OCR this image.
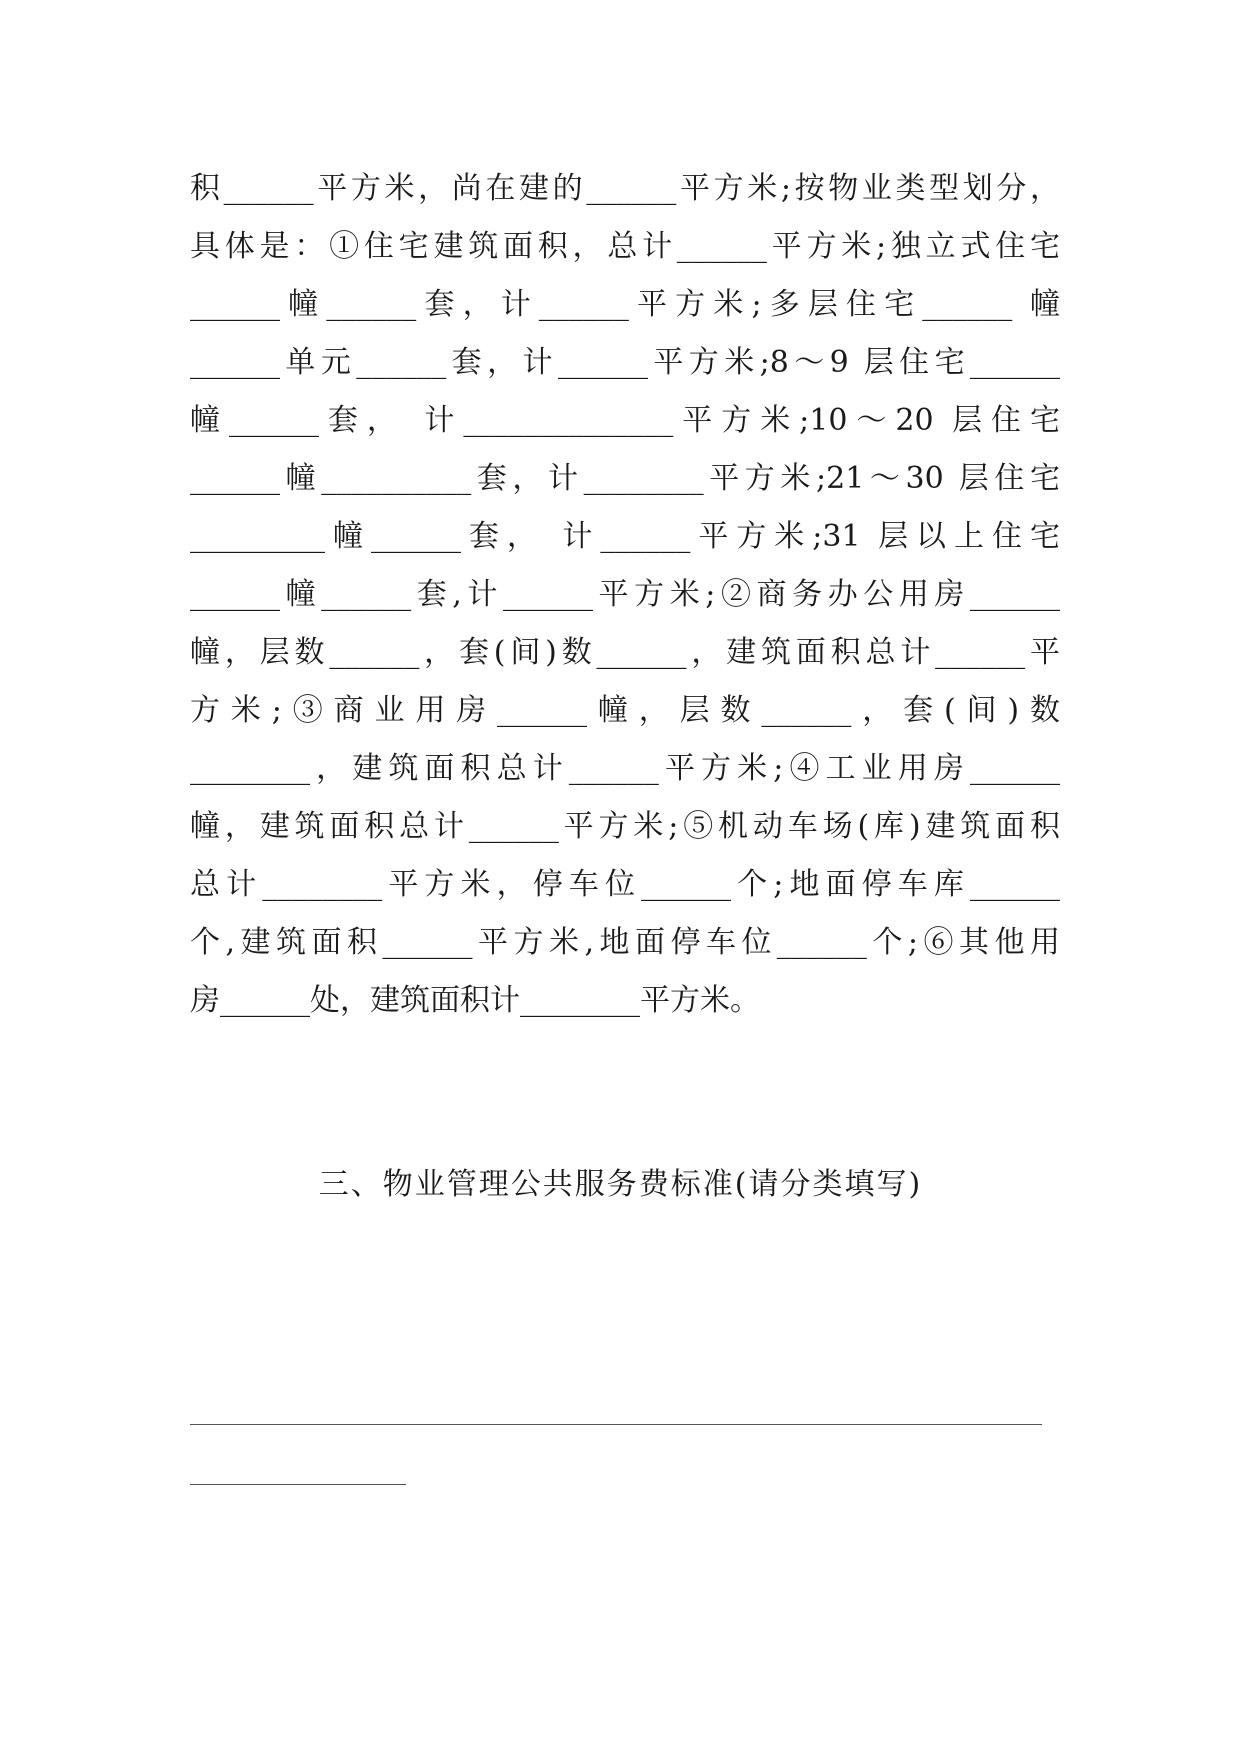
积______平方米，尚在建的______平方米;按物业类型划分，
具体是：①住宅建筑面积，总计______平方米;独立式住宅
______幢______套，计______平方米;多层住宅______ 幢
______单元______套，计______平方米;8～9 层住宅______
幢______套， 计______________平方米;10～20 层住宅
______幢__________套，计________平方米;21～30 层住宅
_________幢______套， 计______平方米;31 层以上住宅
______幢______套,计______平方米;②商务办公用房______
幢，层数______，套(间)数______，建筑面积总计______平
方米;③商业用房______幢，层数______，套(间)数
________，建筑面积总计______平方米;④工业用房______
幢，建筑面积总计______平方米;⑤机动车场(库)建筑面积
总计________平方米，停车位______个;地面停车库______
个,建筑面积______平方米,地面停车位______个;⑥其他用
房______处，建筑面积计________平方米。
三、物业管理公共服务费标准(请分类填写)
